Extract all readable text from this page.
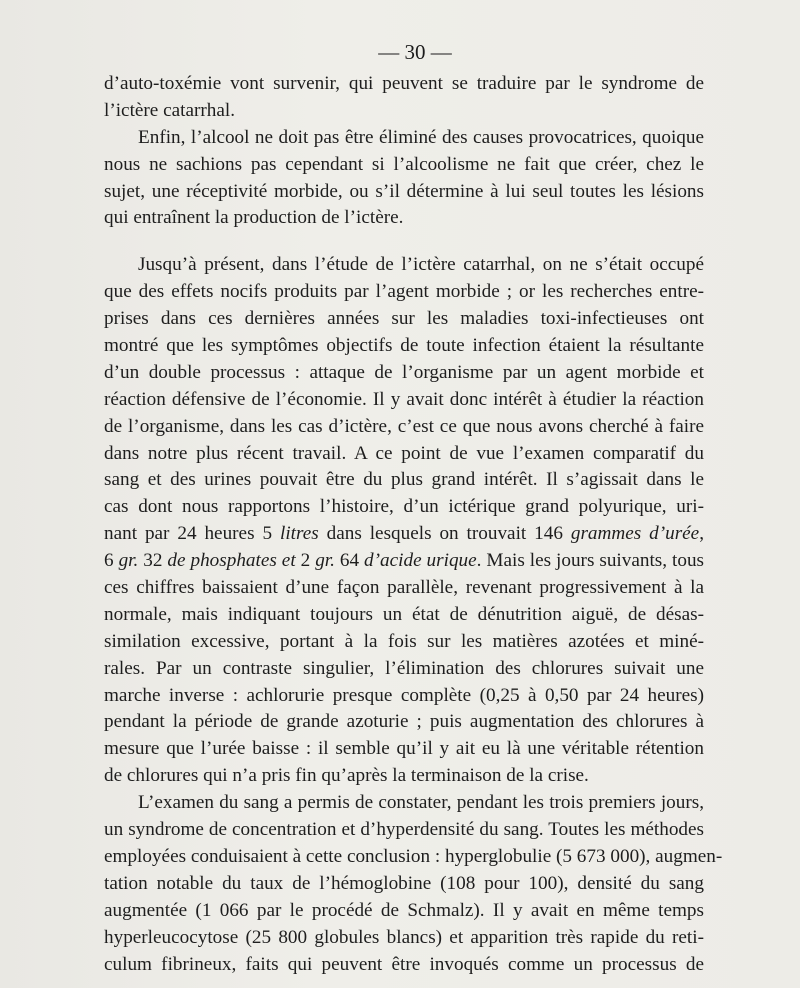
— 30 —
d’auto-toxémie vont survenir, qui peuvent se traduire par le syndrome de
l’ictère catarrhal.
Enfin, l’alcool ne doit pas être éliminé des causes provocatrices, quoique
nous ne sachions pas cependant si l’alcoolisme ne fait que créer, chez le
sujet, une réceptivité morbide, ou s’il détermine à lui seul toutes les lésions
qui entraînent la production de l’ictère.
Jusqu’à présent, dans l’étude de l’ictère catarrhal, on ne s’était occupé
que des effets nocifs produits par l’agent morbide ; or les recherches entre-
prises dans ces dernières années sur les maladies toxi-infectieuses ont
montré que les symptômes objectifs de toute infection étaient la résultante
d’un double processus : attaque de l’organisme par un agent morbide et
réaction défensive de l’économie. Il y avait donc intérêt à étudier la réaction
de l’organisme, dans les cas d’ictère, c’est ce que nous avons cherché à faire
dans notre plus récent travail. A ce point de vue l’examen comparatif du
sang et des urines pouvait être du plus grand intérêt. Il s’agissait dans le
cas dont nous rapportons l’histoire, d’un ictérique grand polyurique, uri-
nant par 24 heures 5 litres dans lesquels on trouvait 146 grammes d’urée,
6 gr. 32 de phosphates et 2 gr. 64 d’acide urique. Mais les jours suivants, tous
ces chiffres baissaient d’une façon parallèle, revenant progressivement à la
normale, mais indiquant toujours un état de dénutrition aiguë, de désas-
similation excessive, portant à la fois sur les matières azotées et miné-
rales. Par un contraste singulier, l’élimination des chlorures suivait une
marche inverse : achlorurie presque complète (0,25 à 0,50 par 24 heures)
pendant la période de grande azoturie ; puis augmentation des chlorures à
mesure que l’urée baisse : il semble qu’il y ait eu là une véritable rétention
de chlorures qui n’a pris fin qu’après la terminaison de la crise.
L’examen du sang a permis de constater, pendant les trois premiers jours,
un syndrome de concentration et d’hyperdensité du sang. Toutes les méthodes
employées conduisaient à cette conclusion : hyperglobulie (5 673 000), augmen-
tation notable du taux de l’hémoglobine (108 pour 100), densité du sang
augmentée (1 066 par le procédé de Schmalz). Il y avait en même temps
hyperleucocytose (25 800 globules blancs) et apparition très rapide du reti-
culum fibrineux, faits qui peuvent être invoqués comme un processus de
